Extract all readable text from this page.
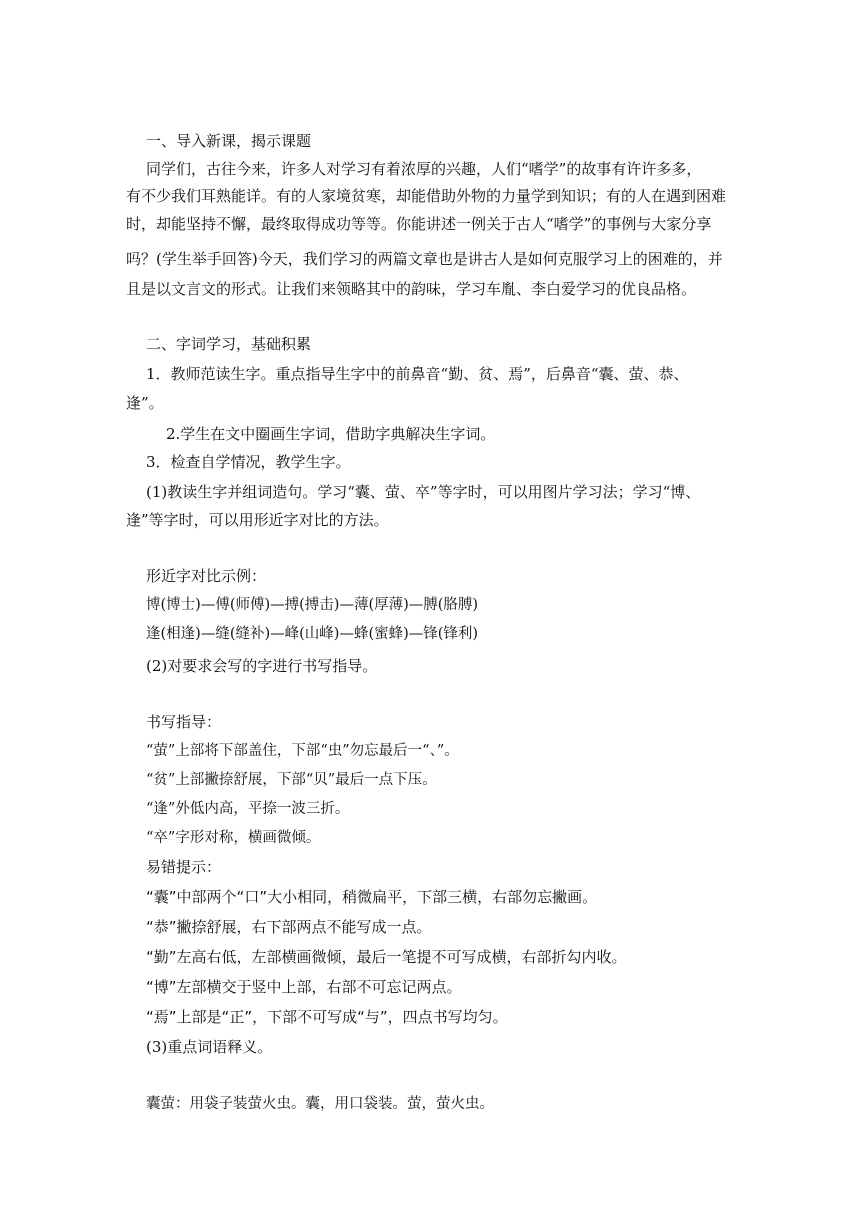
一、导入新课，揭示课题

同学们，古往今来，许多人对学习有着浓厚的兴趣，人们“嗜学”的故事有许许多多，

有不少我们耳熟能详。有的人家境贫寒，却能借助外物的力量学到知识；有的人在遇到困难

时，却能坚持不懈，最终取得成功等等。你能讲述一例关于古人“嗜学”的事例与大家分享

吗？(学生举手回答)今天，我们学习的两篇文章也是讲古人是如何克服学习上的困难的，并

且是以文言文的形式。让我们来领略其中的韵味，学习车胤、李白爱学习的优良品格。

二、字词学习，基础积累

1．教师范读生字。重点指导生字中的前鼻音“勤、贫、焉”，后鼻音“囊、萤、恭、

逢”。

2.学生在文中圈画生字词，借助字典解决生字词。

3．检查自学情况，教学生字。

(1)教读生字并组词造句。学习“囊、萤、卒”等字时，可以用图片学习法；学习“博、

逢”等字时，可以用形近字对比的方法。

形近字对比示例：

博(博士)—傅(师傅)—搏(搏击)—薄(厚薄)—膊(胳膊)

逢(相逢)—缝(缝补)—峰(山峰)—蜂(蜜蜂)—锋(锋利)

(2)对要求会写的字进行书写指导。

书写指导：

“萤”上部将下部盖住，下部“虫”勿忘最后一“、”。

“贫”上部撇捺舒展，下部“贝”最后一点下压。

“逢”外低内高，平捺一波三折。

“卒”字形对称，横画微倾。

易错提示：

“囊”中部两个“口”大小相同，稍微扁平，下部三横，右部勿忘撇画。

“恭”撇捺舒展，右下部两点不能写成一点。

“勤”左高右低，左部横画微倾，最后一笔提不可写成横，右部折勾内收。

“博”左部横交于竖中上部，右部不可忘记两点。

“焉”上部是“正”，下部不可写成“与”，四点书写均匀。

(3)重点词语释义。

囊萤：用袋子装萤火虫。囊，用口袋装。萤，萤火虫。
